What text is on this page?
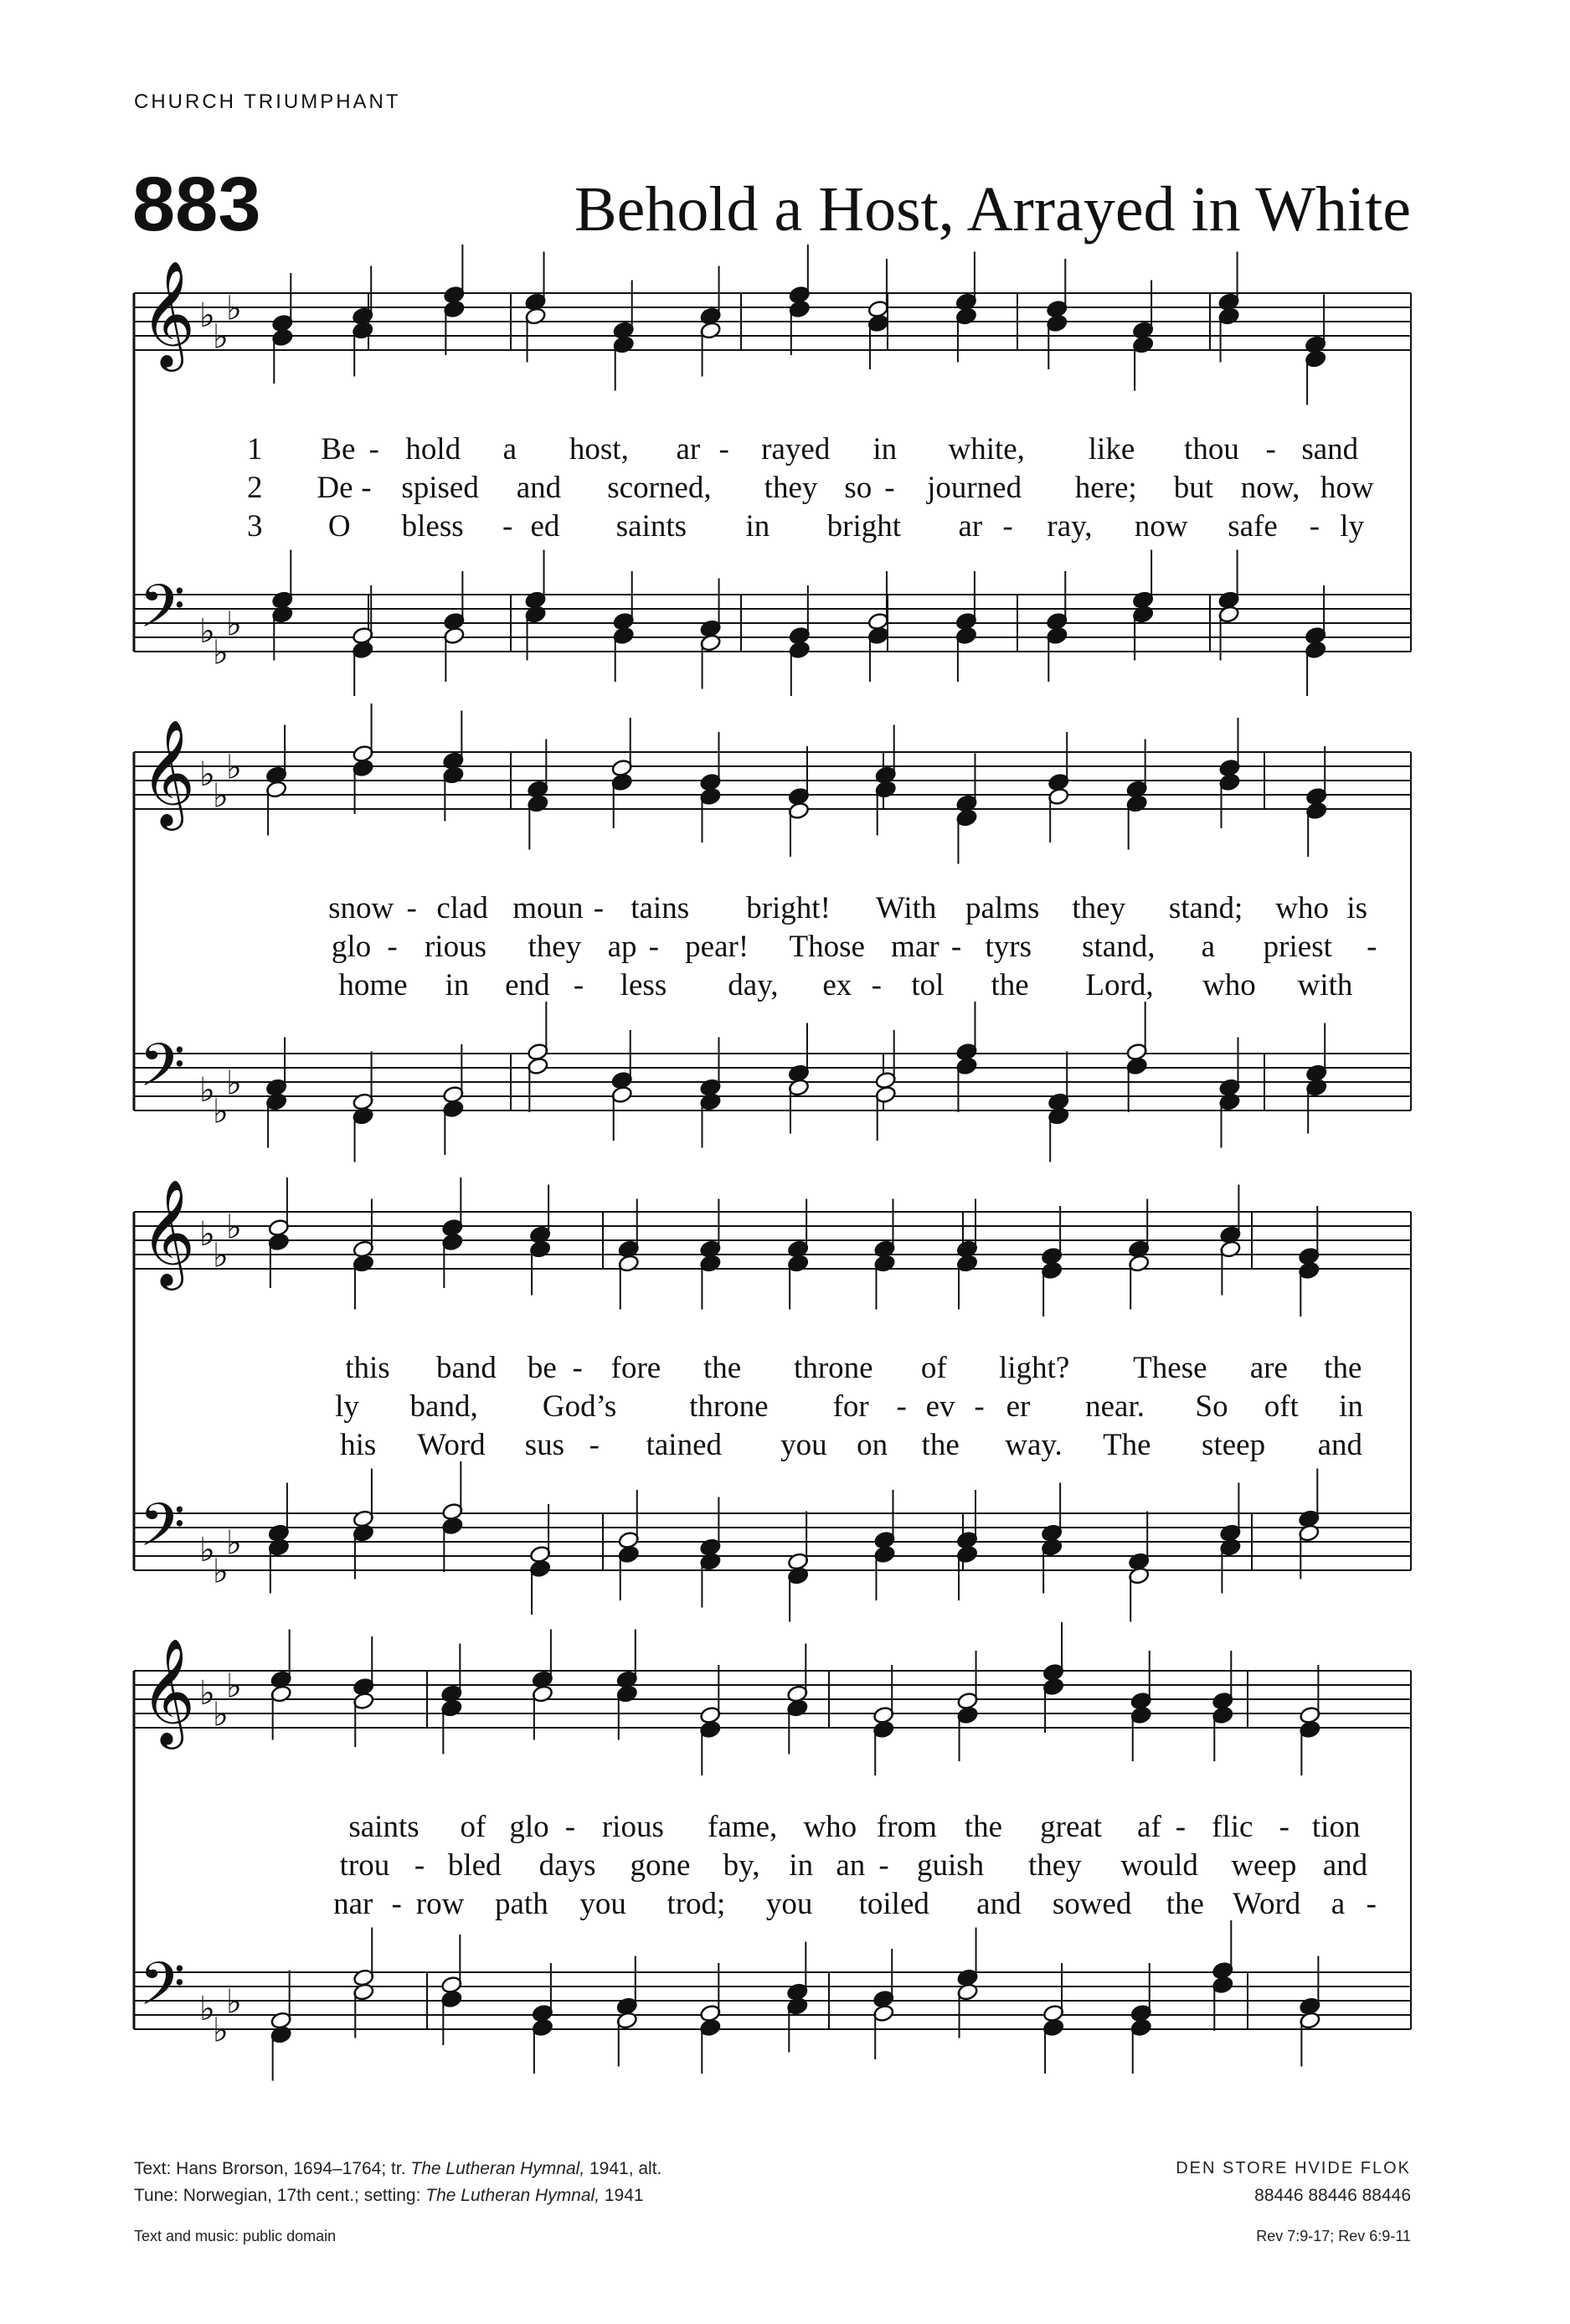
CHURCH TRIUMPHANT
883	Behold a Host, Arrayed in White
𝄞
𝄢
♭
♭
♭
♭
♭
♭
𝄞
𝄢
♭
♭
♭
♭
♭
♭
𝄞
𝄢
♭
♭
♭
♭
♭
♭
𝄞
𝄢
♭
♭
♭
♭
♭
♭
Text: Hans Brorson, 1694–1764; tr. The Lutheran Hymnal, 1941, alt.
Tune: Norwegian, 17th cent.; setting: The Lutheran Hymnal, 1941
Text and music: public domain
DEN STORE HVIDE FLOK
88446 88446 88446
Rev 7:9-17; Rev 6:9-11
1 Be - hold a host, ar - rayed in white, like thou - sand
2 De - spised and scorned, they so - journed here; but now, how
3 O bless - ed saints in bright ar - ray, now safe - ly
snow - clad moun - tains bright! With palms they stand; who is
glo - rious they ap - pear! Those mar - tyrs stand, a priest -
home in end - less day, ex - tol the Lord, who with
this band be - fore the throne of light? These are the
ly band, God’s throne for - ev - er near. So oft in
his Word sus - tained you on the way. The steep and
saints of glo - rious fame, who from the great af - flic - tion
trou - bled days gone by, in an - guish they would weep and
nar - row path you trod; you toiled and sowed the Word a -
